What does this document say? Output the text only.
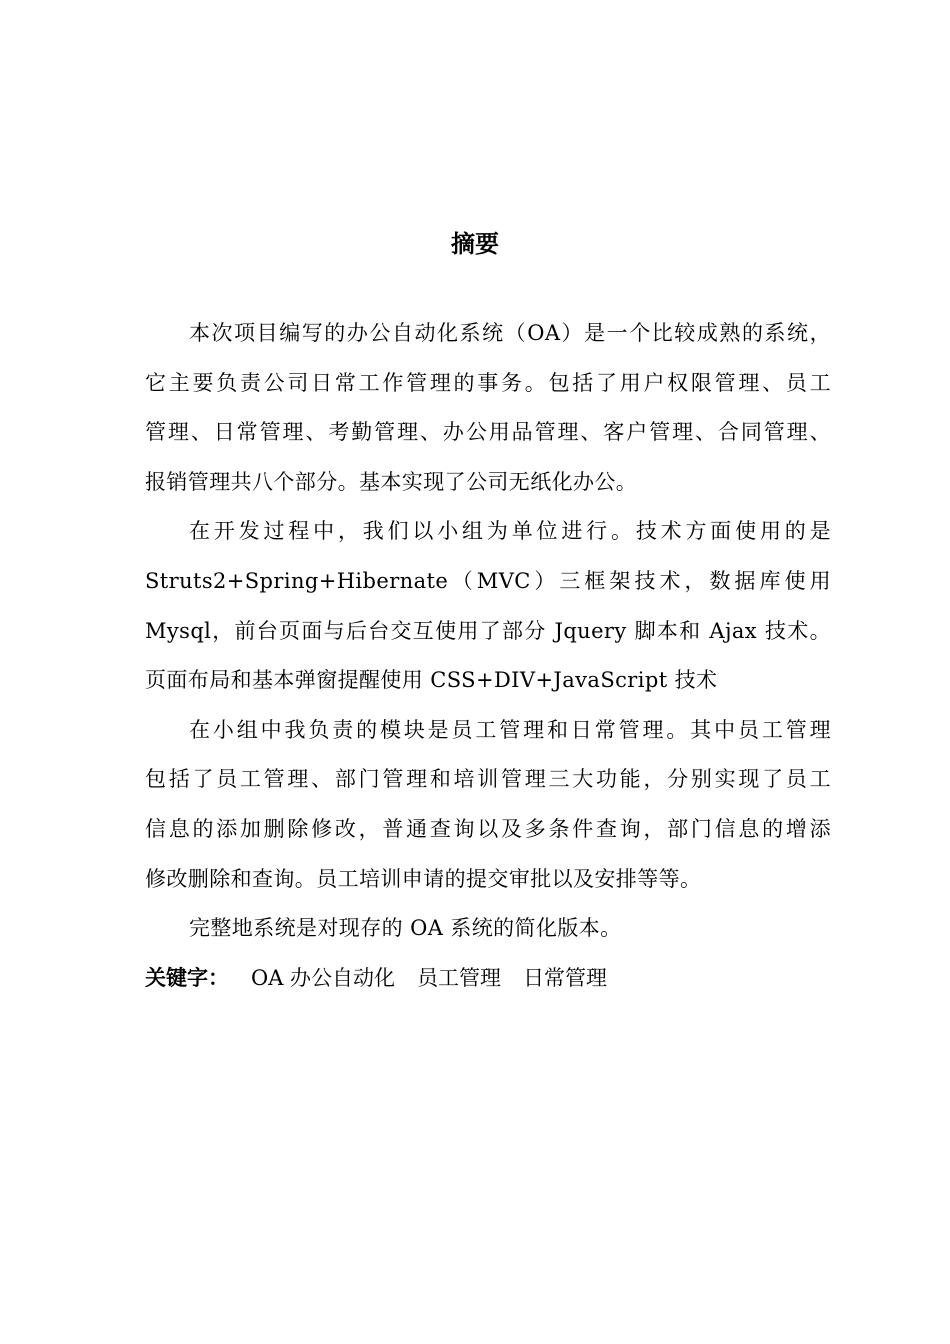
摘要

本次项目编写的办公自动化系统（OA）是一个比较成熟的系统，
它主要负责公司日常工作管理的事务。包括了用户权限管理、员工
管理、日常管理、考勤管理、办公用品管理、客户管理、合同管理、
报销管理共八个部分。基本实现了公司无纸化办公。

在开发过程中，我们以小组为单位进行。技术方面使用的是
Struts2+Spring+Hibernate（MVC）三框架技术，数据库使用
Mysql，前台页面与后台交互使用了部分 Jquery 脚本和 Ajax 技术。
页面布局和基本弹窗提醒使用 CSS+DIV+JavaScript 技术

在小组中我负责的模块是员工管理和日常管理。其中员工管理
包括了员工管理、部门管理和培训管理三大功能，分别实现了员工
信息的添加删除修改，普通查询以及多条件查询，部门信息的增添
修改删除和查询。员工培训申请的提交审批以及安排等等。

完整地系统是对现存的 OA 系统的简化版本。

关键字： OA 办公自动化 员工管理 日常管理
